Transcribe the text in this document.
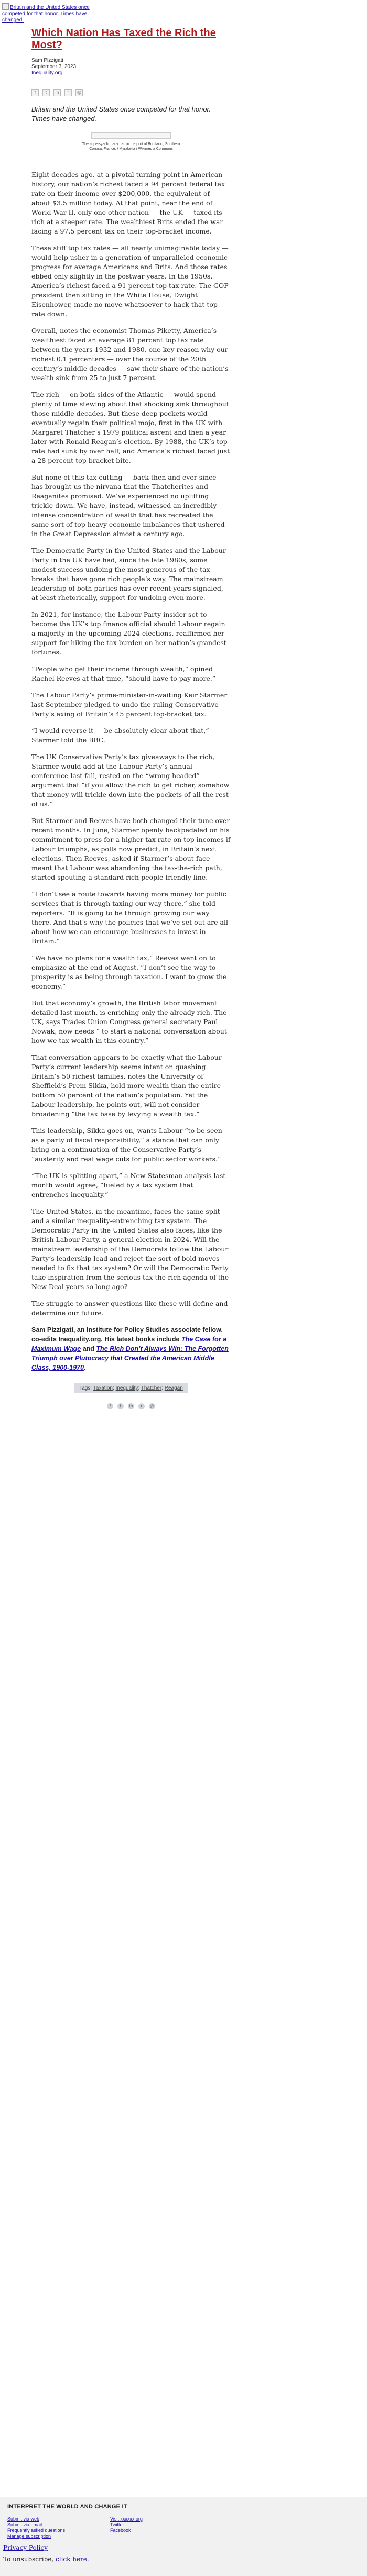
Britain and the United States once competed for that honor. Times have changed.
Which Nation Has Taxed the Rich the Most?
Sam Pizzigati
September 3, 2023
Inequality.org
f t in r @
Britain and the United States once competed for that honor. Times have changed.
The supersyacht Lady Lau in the port of Bonifacio, Southern Corsica, France. / Myrabella / Wikimedia Commons

Eight decades ago, at a pivotal turning point in American history, our nation’s richest faced a 94 percent federal tax rate on their income over $200,000, the equivalent of about $3.5 million today. At that point, near the end of World War II, only one other nation — the UK — taxed its rich at a steeper rate. The wealthiest Brits ended the war facing a 97.5 percent tax on their top-bracket income.

These stiff top tax rates — all nearly unimaginable today — would help usher in a generation of unparalleled economic progress for average Americans and Brits. And those rates ebbed only slightly in the postwar years. In the 1950s, America’s richest faced a 91 percent top tax rate. The GOP president then sitting in the White House, Dwight Eisenhower, made no move whatsoever to hack that top rate down.

Overall, notes the economist Thomas Piketty, America’s wealthiest faced an average 81 percent top tax rate between the years 1932 and 1980, one key reason why our richest 0.1 percenters — over the course of the 20th century’s middle decades — saw their share of the nation’s wealth sink from 25 to just 7 percent.

The rich — on both sides of the Atlantic — would spend plenty of time stewing about that shocking sink throughout those middle decades. But these deep pockets would eventually regain their political mojo, first in the UK with Margaret Thatcher’s 1979 political ascent and then a year later with Ronald Reagan’s election. By 1988, the UK’s top rate had sunk by over half, and America’s richest faced just a 28 percent top-bracket bite.

But none of this tax cutting — back then and ever since — has brought us the nirvana that the Thatcherites and Reaganites promised. We’ve experienced no uplifting trickle-down. We have, instead, witnessed an incredibly intense concentration of wealth that has recreated the same sort of top-heavy economic imbalances that ushered in the Great Depression almost a century ago.

The Democratic Party in the United States and the Labour Party in the UK have had, since the late 1980s, some modest success undoing the most generous of the tax breaks that have gone rich people’s way. The mainstream leadership of both parties has over recent years signaled, at least rhetorically, support for undoing even more.

In 2021, for instance, the Labour Party insider set to become the UK’s top finance official should Labour regain a majority in the upcoming 2024 elections, reaffirmed her support for hiking the tax burden on her nation’s grandest fortunes.

“People who get their income through wealth,” opined Rachel Reeves at that time, “should have to pay more.”

The Labour Party’s prime-minister-in-waiting Keir Starmer last September pledged to undo the ruling Conservative Party’s axing of Britain’s 45 percent top-bracket tax.

“I would reverse it — be absolutely clear about that,” Starmer told the BBC.

The UK Conservative Party’s tax giveaways to the rich, Starmer would add at the Labour Party’s annual conference last fall, rested on the “wrong headed” argument that “if you allow the rich to get richer, somehow that money will trickle down into the pockets of all the rest of us.”

But Starmer and Reeves have both changed their tune over recent months. In June, Starmer openly backpedaled on his commitment to press for a higher tax rate on top incomes if Labour triumphs, as polls now predict, in Britain’s next elections. Then Reeves, asked if Starmer’s about-face meant that Labour was abandoning the tax-the-rich path, started spouting a standard rich people-friendly line.

“I don’t see a route towards having more money for public services that is through taxing our way there,” she told reporters. “It is going to be through growing our way there. And that’s why the policies that we’ve set out are all about how we can encourage businesses to invest in Britain.”

“We have no plans for a wealth tax,” Reeves went on to emphasize at the end of August. “I don’t see the way to prosperity is as being through taxation. I want to grow the economy.”

But that economy’s growth, the British labor movement detailed last month, is enriching only the already rich. The UK, says Trades Union Congress general secretary Paul Nowak, now needs “ to start a national conversation about how we tax wealth in this country.”

That conversation appears to be exactly what the Labour Party’s current leadership seems intent on quashing. Britain’s 50 richest families, notes the University of Sheffield’s Prem Sikka, hold more wealth than the entire bottom 50 percent of the nation’s population. Yet the Labour leadership, he points out, will not consider broadening “the tax base by levying a wealth tax.”

This leadership, Sikka goes on, wants Labour “to be seen as a party of fiscal responsibility,” a stance that can only bring on a continuation of the Conservative Party’s “austerity and real wage cuts for public sector workers.”

“The UK is splitting apart,” a New Statesman analysis last month would agree, “fueled by a tax system that entrenches inequality.”

The United States, in the meantime, faces the same split and a similar inequality-entrenching tax system. The Democratic Party in the United States also faces, like the British Labour Party, a general election in 2024. Will the mainstream leadership of the Democrats follow the Labour Party’s leadership lead and reject the sort of bold moves needed to fix that tax system? Or will the Democratic Party take inspiration from the serious tax-the-rich agenda of the New Deal years so long ago?

The struggle to answer questions like these will define and determine our future.

Sam Pizzigati, an Institute for Policy Studies associate fellow, co-edits Inequality.org. His latest books include The Case for a Maximum Wage and The Rich Don’t Always Win: The Forgotten Triumph over Plutocracy that Created the American Middle Class, 1900-1970.

Tags: Taxation; Inequality; Thatcher; Reagan
f t in r @
INTERPRET THE WORLD AND CHANGE IT
Submit via web
Submit via email
Frequently asked questions
Manage subscription
Visit xxxxxx.org
Twitter
Facebook
Privacy Policy
To unsubscribe, click here.
